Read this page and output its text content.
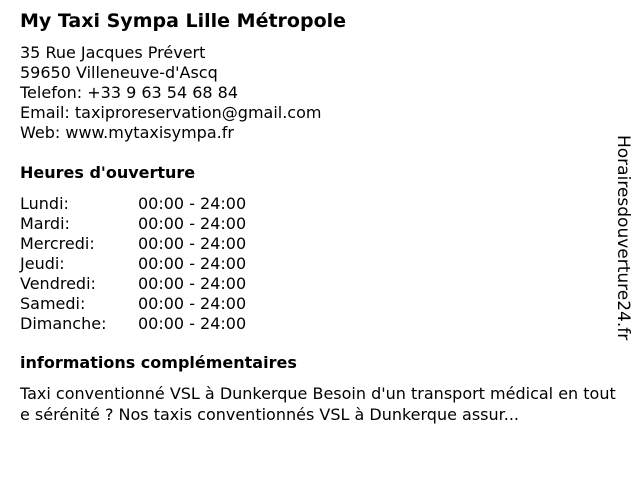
My Taxi Sympa Lille Métropole
35 Rue Jacques Prévert
59650 Villeneuve-d'Ascq
Telefon: +33 9 63 54 68 84
Email: taxiproreservation@gmail.com
Web: www.mytaxisympa.fr
Heures d'ouverture
Lundi:	00:00 - 24:00
Mardi:	00:00 - 24:00
Mercredi:	00:00 - 24:00
Jeudi:	00:00 - 24:00
Vendredi:	00:00 - 24:00
Samedi:	00:00 - 24:00
Dimanche: 00:00 - 24:00
informations complémentaires
Taxi conventionné VSL à Dunkerque Besoin d'un transport médical en toute sérénité ? Nos taxis conventionnés VSL à Dunkerque assur...
Horairesdouverture24.fr
